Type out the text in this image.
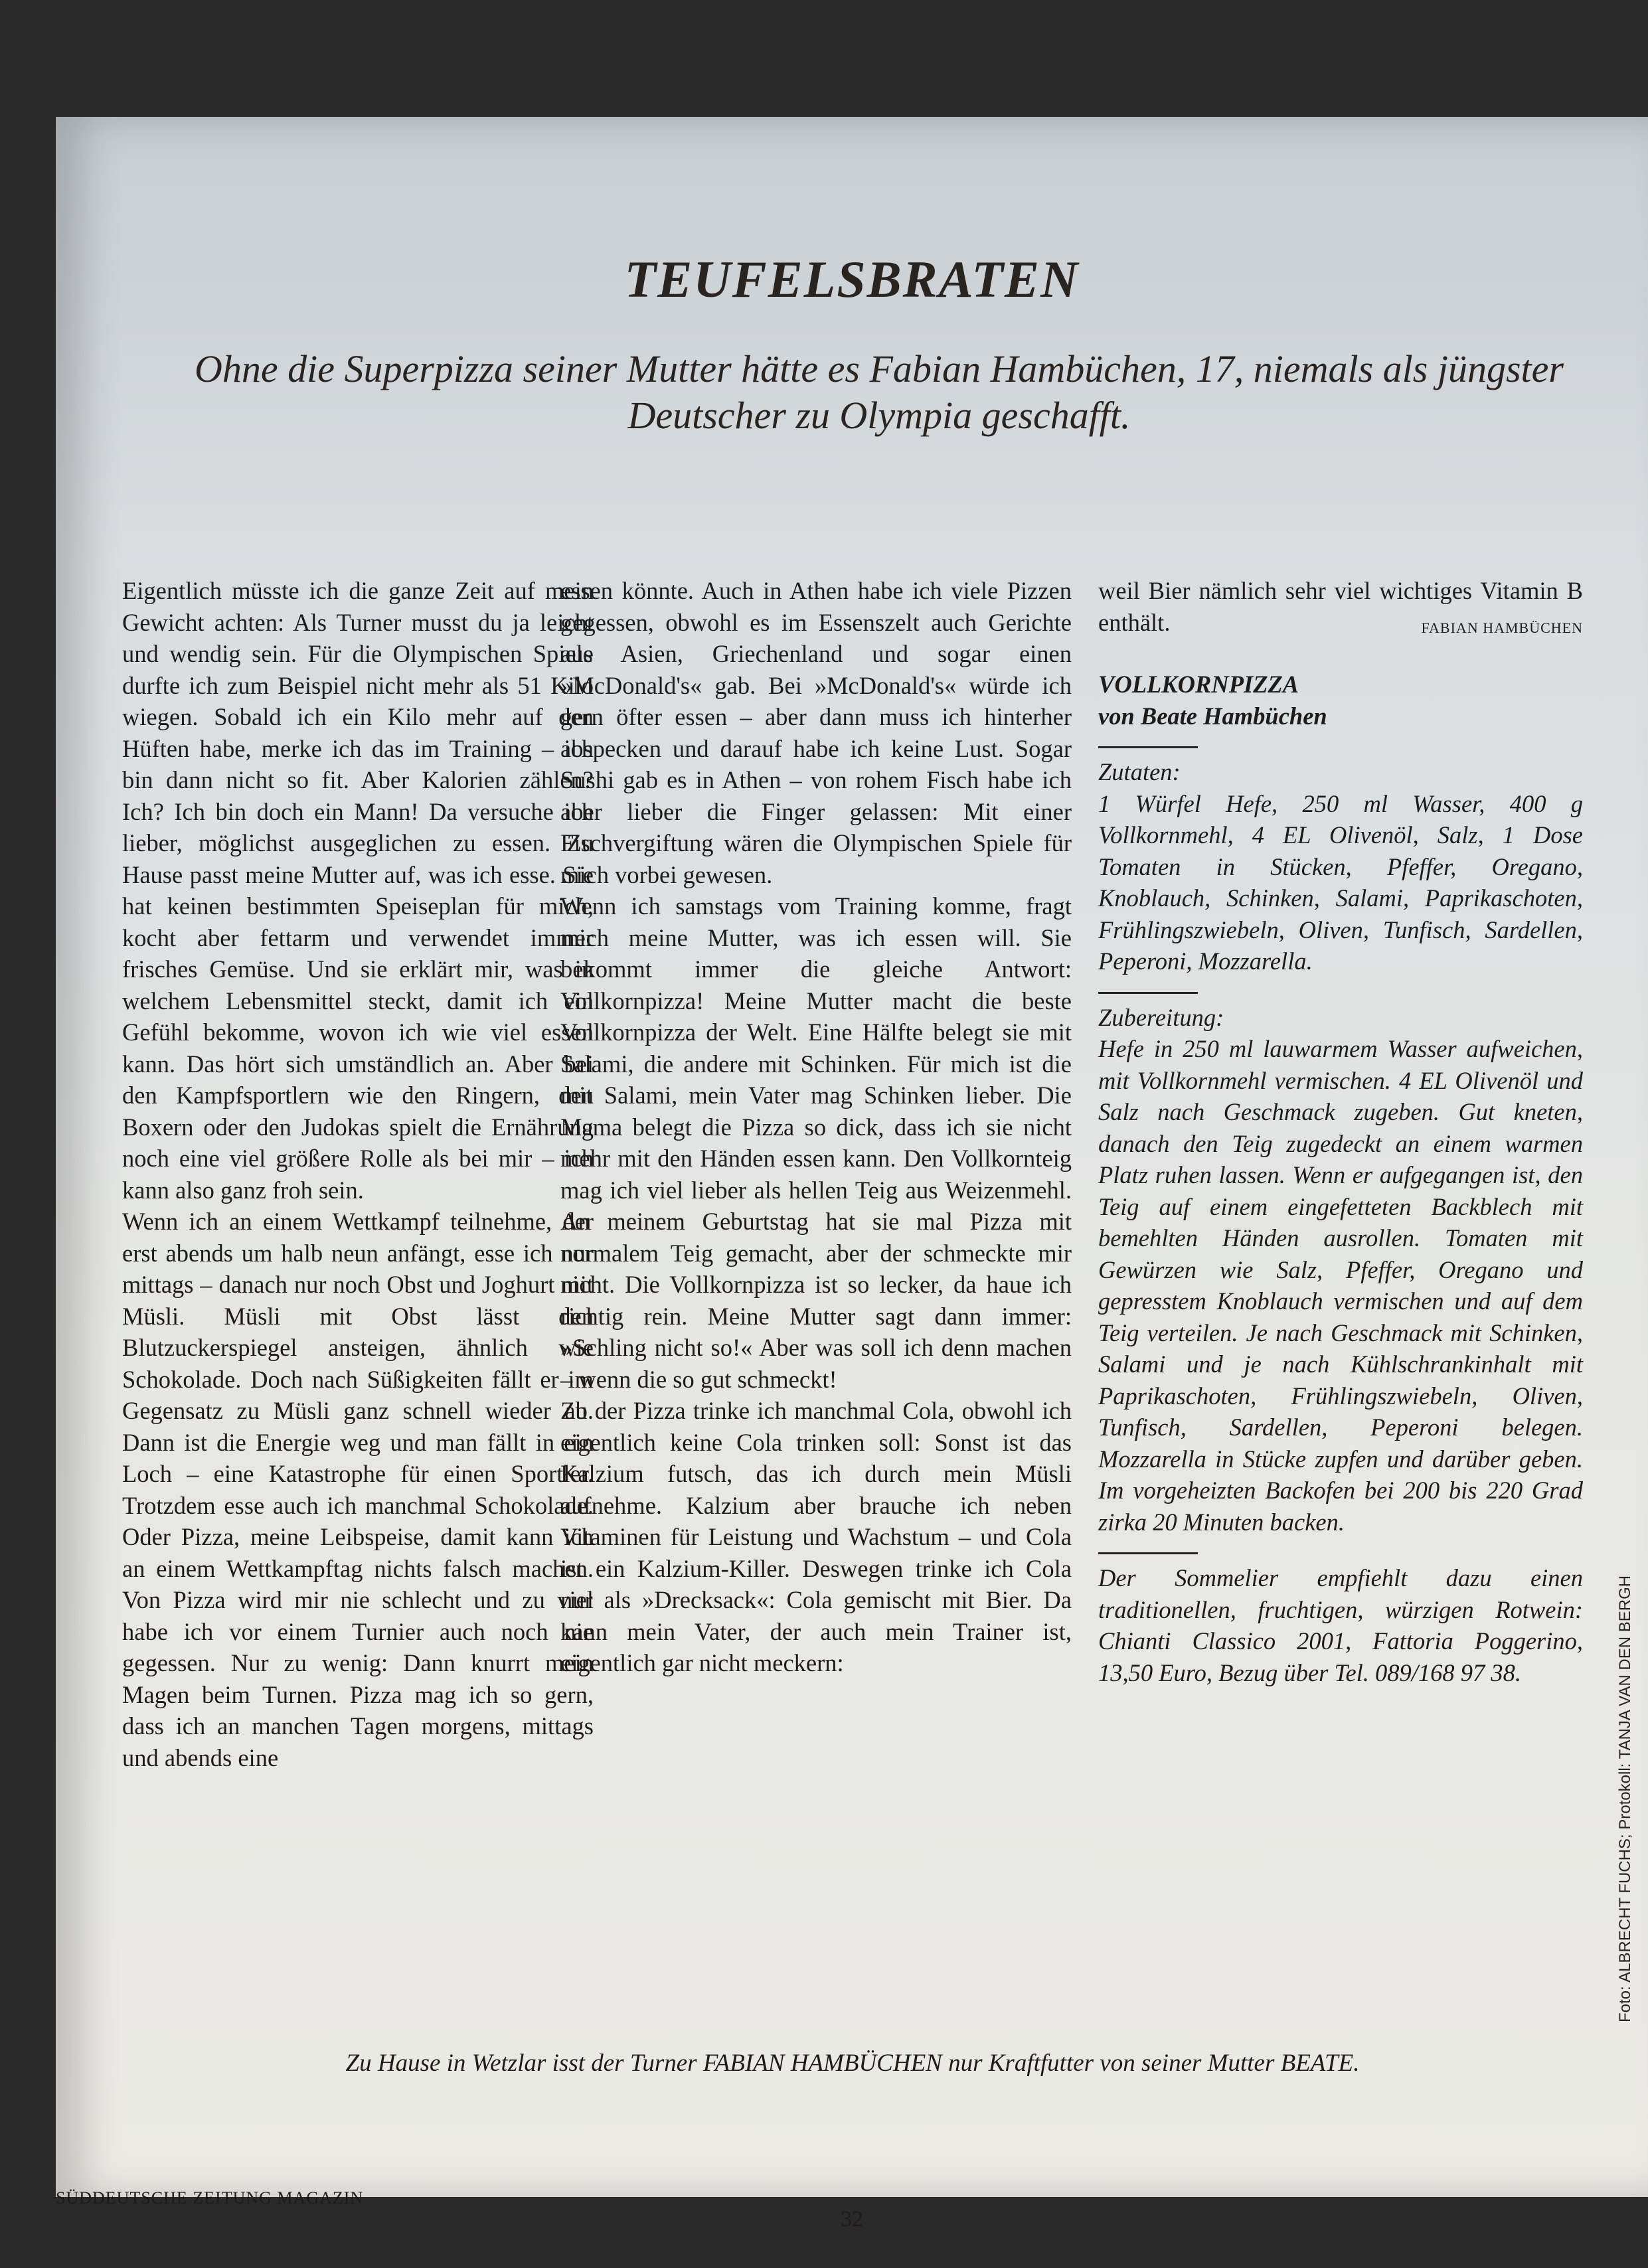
TEUFELSBRATEN
Ohne die Superpizza seiner Mutter hätte es Fabian Hambüchen, 17, niemals als jüngster Deutscher zu Olympia geschafft.

Eigentlich müsste ich die ganze Zeit auf mein Gewicht achten: Als Turner musst du ja leicht und wendig sein. Für die Olympischen Spiele durfte ich zum Beispiel nicht mehr als 51 Kilo wiegen. Sobald ich ein Kilo mehr auf den Hüften habe, merke ich das im Training – ich bin dann nicht so fit. Aber Kalorien zählen? Ich? Ich bin doch ein Mann! Da versuche ich lieber, möglichst ausgeglichen zu essen. Zu Hause passt meine Mutter auf, was ich esse. Sie hat keinen bestimmten Speiseplan für mich, kocht aber fettarm und verwendet immer frisches Gemüse. Und sie erklärt mir, was in welchem Lebensmittel steckt, damit ich ein Gefühl bekomme, wovon ich wie viel essen kann. Das hört sich umständlich an. Aber bei den Kampfsportlern wie den Ringern, den Boxern oder den Judokas spielt die Ernährung noch eine viel größere Rolle als bei mir – ich kann also ganz froh sein.

Wenn ich an einem Wettkampf teilnehme, der erst abends um halb neun anfängt, esse ich nur mittags – danach nur noch Obst und Joghurt mit Müsli. Müsli mit Obst lässt den Blutzuckerspiegel ansteigen, ähnlich wie Schokolade. Doch nach Süßigkeiten fällt er im Gegensatz zu Müsli ganz schnell wieder ab. Dann ist die Energie weg und man fällt in ein Loch – eine Katastrophe für einen Sportler. Trotzdem esse auch ich manchmal Schokolade. Oder Pizza, meine Leibspeise, damit kann ich an einem Wettkampftag nichts falsch machen. Von Pizza wird mir nie schlecht und zu viel habe ich vor einem Turnier auch noch nie gegessen. Nur zu wenig: Dann knurrt mein Magen beim Turnen. Pizza mag ich so gern, dass ich an manchen Tagen morgens, mittags und abends eine

essen könnte. Auch in Athen habe ich viele Pizzen gegessen, obwohl es im Essenszelt auch Gerichte aus Asien, Griechenland und sogar einen »McDonald's« gab. Bei »McDonald's« würde ich gern öfter essen – aber dann muss ich hinterher abspecken und darauf habe ich keine Lust. Sogar Sushi gab es in Athen – von rohem Fisch habe ich aber lieber die Finger gelassen: Mit einer Fischvergiftung wären die Olympischen Spiele für mich vorbei gewesen.

Wenn ich samstags vom Training komme, fragt mich meine Mutter, was ich essen will. Sie bekommt immer die gleiche Antwort: Vollkornpizza! Meine Mutter macht die beste Vollkornpizza der Welt. Eine Hälfte belegt sie mit Salami, die andere mit Schinken. Für mich ist die mit Salami, mein Vater mag Schinken lieber. Die Mama belegt die Pizza so dick, dass ich sie nicht mehr mit den Händen essen kann. Den Vollkornteig mag ich viel lieber als hellen Teig aus Weizenmehl. An meinem Geburtstag hat sie mal Pizza mit normalem Teig gemacht, aber der schmeckte mir nicht. Die Vollkornpizza ist so lecker, da haue ich richtig rein. Meine Mutter sagt dann immer: »Schling nicht so!« Aber was soll ich denn machen – wenn die so gut schmeckt!

Zu der Pizza trinke ich manchmal Cola, obwohl ich eigentlich keine Cola trinken soll: Sonst ist das Kalzium futsch, das ich durch mein Müsli aufnehme. Kalzium aber brauche ich neben Vitaminen für Leistung und Wachstum – und Cola ist ein Kalzium-Killer. Deswegen trinke ich Cola nur als »Drecksack«: Cola gemischt mit Bier. Da kann mein Vater, der auch mein Trainer ist, eigentlich gar nicht meckern:

weil Bier nämlich sehr viel wichtiges Vitamin B enthält.	FABIAN HAMBÜCHEN

VOLLKORNPIZZA
von Beate Hambüchen
Zutaten:

1 Würfel Hefe, 250 ml Wasser, 400 g Vollkornmehl, 4 EL Olivenöl, Salz, 1 Dose Tomaten in Stücken, Pfeffer, Oregano, Knoblauch, Schinken, Salami, Paprikaschoten, Frühlingszwiebeln, Oliven, Tunfisch, Sardellen, Peperoni, Mozzarella.

Zubereitung:

Hefe in 250 ml lauwarmem Wasser aufweichen, mit Vollkornmehl vermischen. 4 EL Olivenöl und Salz nach Geschmack zugeben. Gut kneten, danach den Teig zugedeckt an einem warmen Platz ruhen lassen. Wenn er aufgegangen ist, den Teig auf einem eingefetteten Backblech mit bemehlten Händen ausrollen. Tomaten mit Gewürzen wie Salz, Pfeffer, Oregano und gepresstem Knoblauch vermischen und auf dem Teig verteilen. Je nach Geschmack mit Schinken, Salami und je nach Kühlschrankinhalt mit Paprikaschoten, Frühlingszwiebeln, Oliven, Tunfisch, Sardellen, Peperoni belegen. Mozzarella in Stücke zupfen und darüber geben. Im vorgeheizten Backofen bei 200 bis 220 Grad zirka 20 Minuten backen.

Der Sommelier empfiehlt dazu einen traditionellen, fruchtigen, würzigen Rotwein: Chianti Classico 2001, Fattoria Poggerino, 13,50 Euro, Bezug über Tel. 089/168 97 38.	Foto: ALBRECHT FUCHS; Protokoll: TANJA VAN DEN BERGH
Zu Hause in Wetzlar isst der Turner FABIAN HAMBÜCHEN nur Kraftfutter von seiner Mutter BEATE.
SÜDDEUTSCHE ZEITUNG MAGAZIN
32
